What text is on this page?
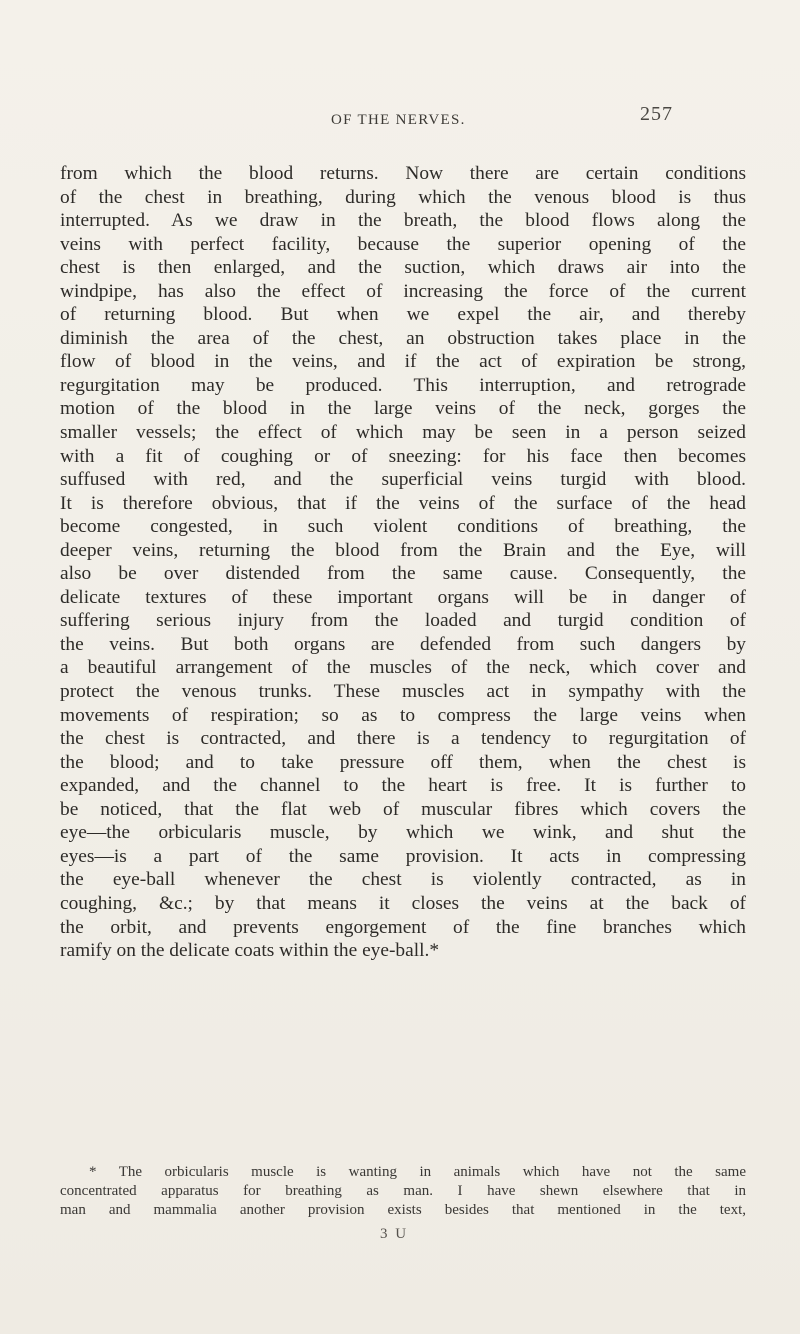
OF THE NERVES.	257
from which the blood returns. Now there are certain conditions
of the chest in breathing, during which the venous blood is thus
interrupted. As we draw in the breath, the blood flows along the
veins with perfect facility, because the superior opening of the
chest is then enlarged, and the suction, which draws air into the
windpipe, has also the effect of increasing the force of the current
of returning blood. But when we expel the air, and thereby
diminish the area of the chest, an obstruction takes place in the
flow of blood in the veins, and if the act of expiration be strong,
regurgitation may be produced. This interruption, and retrograde
motion of the blood in the large veins of the neck, gorges the
smaller vessels; the effect of which may be seen in a person seized
with a fit of coughing or of sneezing: for his face then becomes
suffused with red, and the superficial veins turgid with blood.
It is therefore obvious, that if the veins of the surface of the head
become congested, in such violent conditions of breathing, the
deeper veins, returning the blood from the Brain and the Eye, will
also be over distended from the same cause. Consequently, the
delicate textures of these important organs will be in danger of
suffering serious injury from the loaded and turgid condition of
the veins. But both organs are defended from such dangers by
a beautiful arrangement of the muscles of the neck, which cover and
protect the venous trunks. These muscles act in sympathy with the
movements of respiration; so as to compress the large veins when
the chest is contracted, and there is a tendency to regurgitation of
the blood; and to take pressure off them, when the chest is
expanded, and the channel to the heart is free. It is further to
be noticed, that the flat web of muscular fibres which covers the
eye—the orbicularis muscle, by which we wink, and shut the
eyes—is a part of the same provision. It acts in compressing
the eye-ball whenever the chest is violently contracted, as in
coughing, &c.; by that means it closes the veins at the back of
the orbit, and prevents engorgement of the fine branches which
ramify on the delicate coats within the eye-ball.*
* The orbicularis muscle is wanting in animals which have not the same
concentrated apparatus for breathing as man. I have shewn elsewhere that in
man and mammalia another provision exists besides that mentioned in the text,
3 U
